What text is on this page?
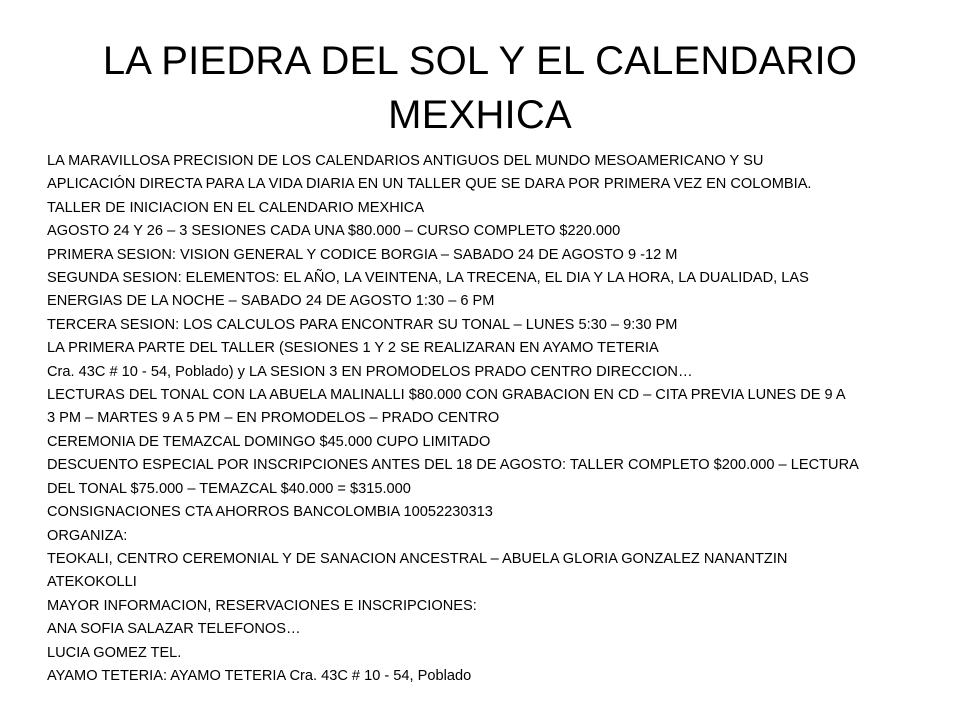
LA PIEDRA DEL SOL Y EL CALENDARIO
MEXHICA
LA MARAVILLOSA PRECISION DE LOS CALENDARIOS ANTIGUOS DEL MUNDO MESOAMERICANO Y SU
APLICACIÓN DIRECTA PARA LA VIDA DIARIA EN UN TALLER QUE SE DARA POR PRIMERA VEZ EN COLOMBIA.
TALLER DE INICIACION EN EL CALENDARIO MEXHICA
AGOSTO 24 Y 26 – 3 SESIONES CADA UNA $80.000 – CURSO COMPLETO $220.000
PRIMERA SESION: VISION GENERAL Y CODICE BORGIA – SABADO 24 DE AGOSTO 9 -12 M
SEGUNDA SESION: ELEMENTOS: EL AÑO, LA VEINTENA, LA TRECENA, EL DIA Y LA HORA, LA DUALIDAD, LAS
ENERGIAS DE LA NOCHE – SABADO 24 DE AGOSTO 1:30 – 6 PM
TERCERA SESION: LOS CALCULOS PARA ENCONTRAR SU TONAL – LUNES 5:30 – 9:30 PM
LA PRIMERA PARTE DEL TALLER (SESIONES 1 Y 2 SE REALIZARAN EN AYAMO TETERIA
Cra. 43C # 10 - 54, Poblado) y LA SESION 3 EN PROMODELOS PRADO CENTRO DIRECCION…
LECTURAS DEL TONAL CON LA ABUELA MALINALLI $80.000 CON GRABACION EN CD – CITA PREVIA LUNES DE 9 A
3 PM – MARTES 9 A 5 PM – EN PROMODELOS – PRADO CENTRO
CEREMONIA DE TEMAZCAL DOMINGO $45.000 CUPO LIMITADO
DESCUENTO ESPECIAL POR INSCRIPCIONES ANTES DEL 18 DE AGOSTO: TALLER COMPLETO $200.000 – LECTURA
DEL TONAL $75.000 – TEMAZCAL $40.000 = $315.000
CONSIGNACIONES CTA AHORROS BANCOLOMBIA 10052230313
ORGANIZA:
TEOKALI, CENTRO CEREMONIAL Y DE SANACION ANCESTRAL – ABUELA GLORIA GONZALEZ NANANTZIN
ATEKOKOLLI
MAYOR INFORMACION, RESERVACIONES E INSCRIPCIONES:
ANA SOFIA SALAZAR TELEFONOS…
LUCIA GOMEZ TEL.
AYAMO TETERIA: AYAMO TETERIA Cra. 43C # 10 - 54, Poblado
